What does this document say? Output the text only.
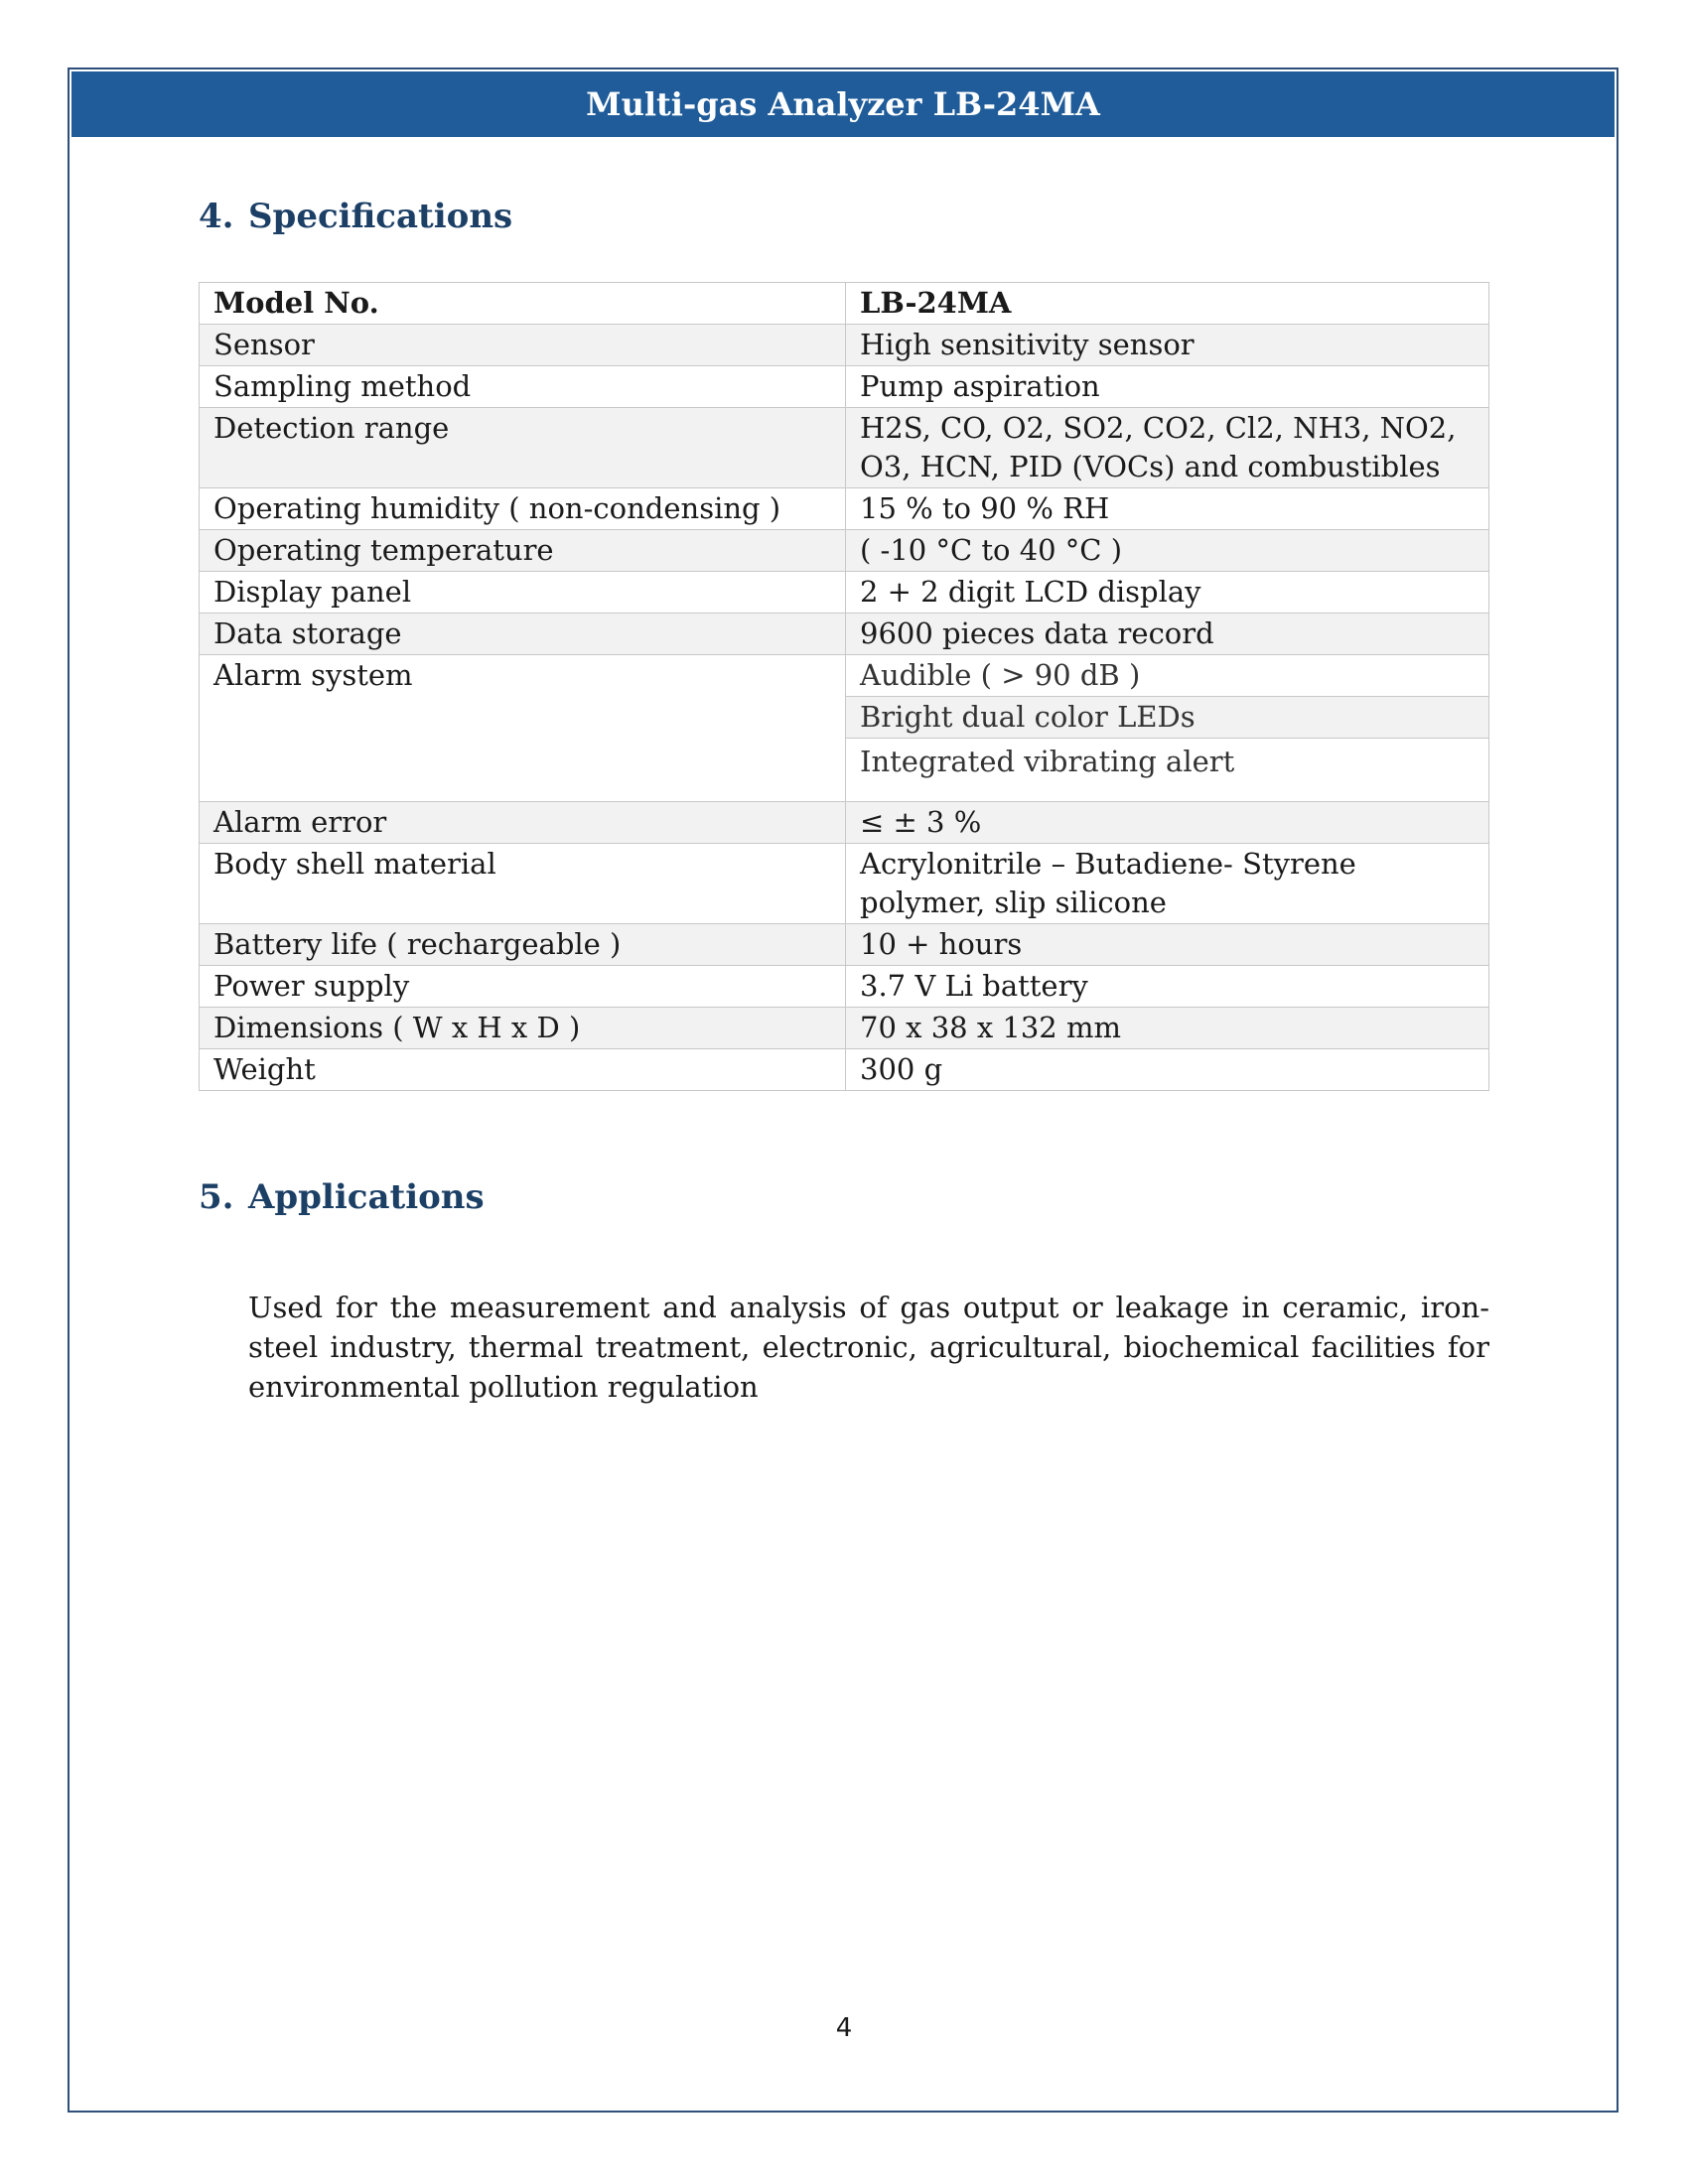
Multi-gas Analyzer LB-24MA
4. Specifications
Model No.	LB-24MA
Sensor	High sensitivity sensor
Sampling method	Pump aspiration
Detection range	H2S, CO, O2, SO2, CO2, Cl2, NH3, NO2, O3, HCN, PID (VOCs) and combustibles
Operating humidity ( non-condensing )	15 % to 90 % RH
Operating temperature	( -10 °C to 40 °C )
Display panel	2 + 2 digit LCD display
Data storage	9600 pieces data record
Alarm system	Audible ( > 90 dB )
Bright dual color LEDs
Integrated vibrating alert

Alarm error	≤ ± 3 %
Body shell material	Acrylonitrile – Butadiene- Styrene polymer, slip silicone
Battery life ( rechargeable )	10 + hours
Power supply	3.7 V Li battery
Dimensions ( W x H x D )	70 x 38 x 132 mm
Weight	300 g
5. Applications

Used for the measurement and analysis of gas output or leakage in ceramic, iron-steel industry, thermal treatment, electronic, agricultural, biochemical facilities for environmental pollution regulation

4
